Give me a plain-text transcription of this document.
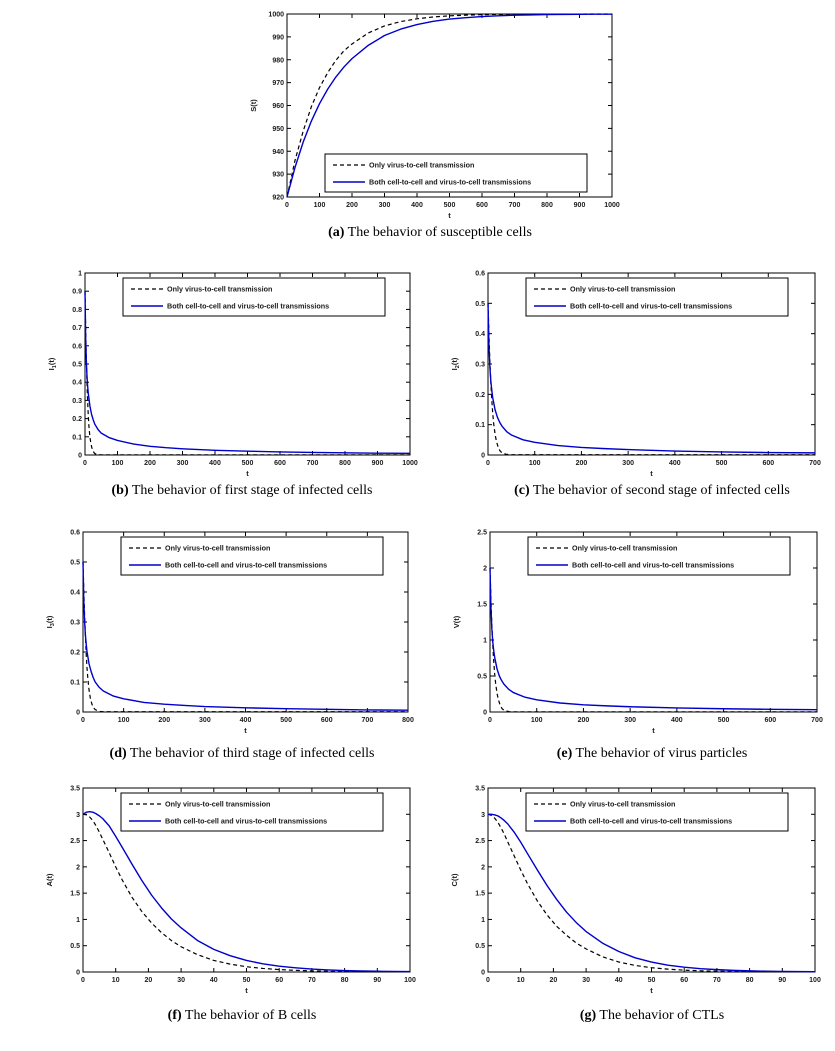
0	100	200	300	400	500	600	700	800	900	1000
920
930
940
950
960
970
980
990
1000
t
S(t)
Only virus-to-cell transmission
Both cell-to-cell and virus-to-cell transmissions
(a) The behavior of susceptible cells
0	100	200	300	400	500	600	700	800	900	1000
0
0.1
0.2
0.3
0.4
0.5
0.6
0.7
0.8
0.9
1
t
$I_1(t)$
Only virus-to-cell transmission
Both cell-to-cell and virus-to-cell transmissions
(b) The behavior of first stage of infected cells
0	100	200	300	400	500	600	700
0
0.1
0.2
0.3
0.4
0.5
0.6
t
$I_2(t)$
Only virus-to-cell transmission
Both cell-to-cell and virus-to-cell transmissions
(c) The behavior of second stage of infected cells
0	100	200	300	400	500	600	700	800
0
0.1
0.2
0.3
0.4
0.5
0.6
t
$I_3(t)$
Only virus-to-cell transmission
Both cell-to-cell and virus-to-cell transmissions
(d) The behavior of third stage of infected cells
0	100	200	300	400	500	600	700
0
0.5
1
1.5
2
2.5
t
V(t)
Only virus-to-cell transmission
Both cell-to-cell and virus-to-cell transmissions
(e) The behavior of virus particles
0	10	20	30	40	50	60	70	80	90	100
0
0.5
1
1.5
2
2.5
3
3.5
t
A(t)
Only virus-to-cell transmission
Both cell-to-cell and virus-to-cell transmissions
(f) The behavior of B cells
0	10	20	30	40	50	60	70	80	90	100
0
0.5
1
1.5
2
2.5
3
3.5
t
C(t)
Only virus-to-cell transmission
Both cell-to-cell and virus-to-cell transmissions
(g) The behavior of CTLs
